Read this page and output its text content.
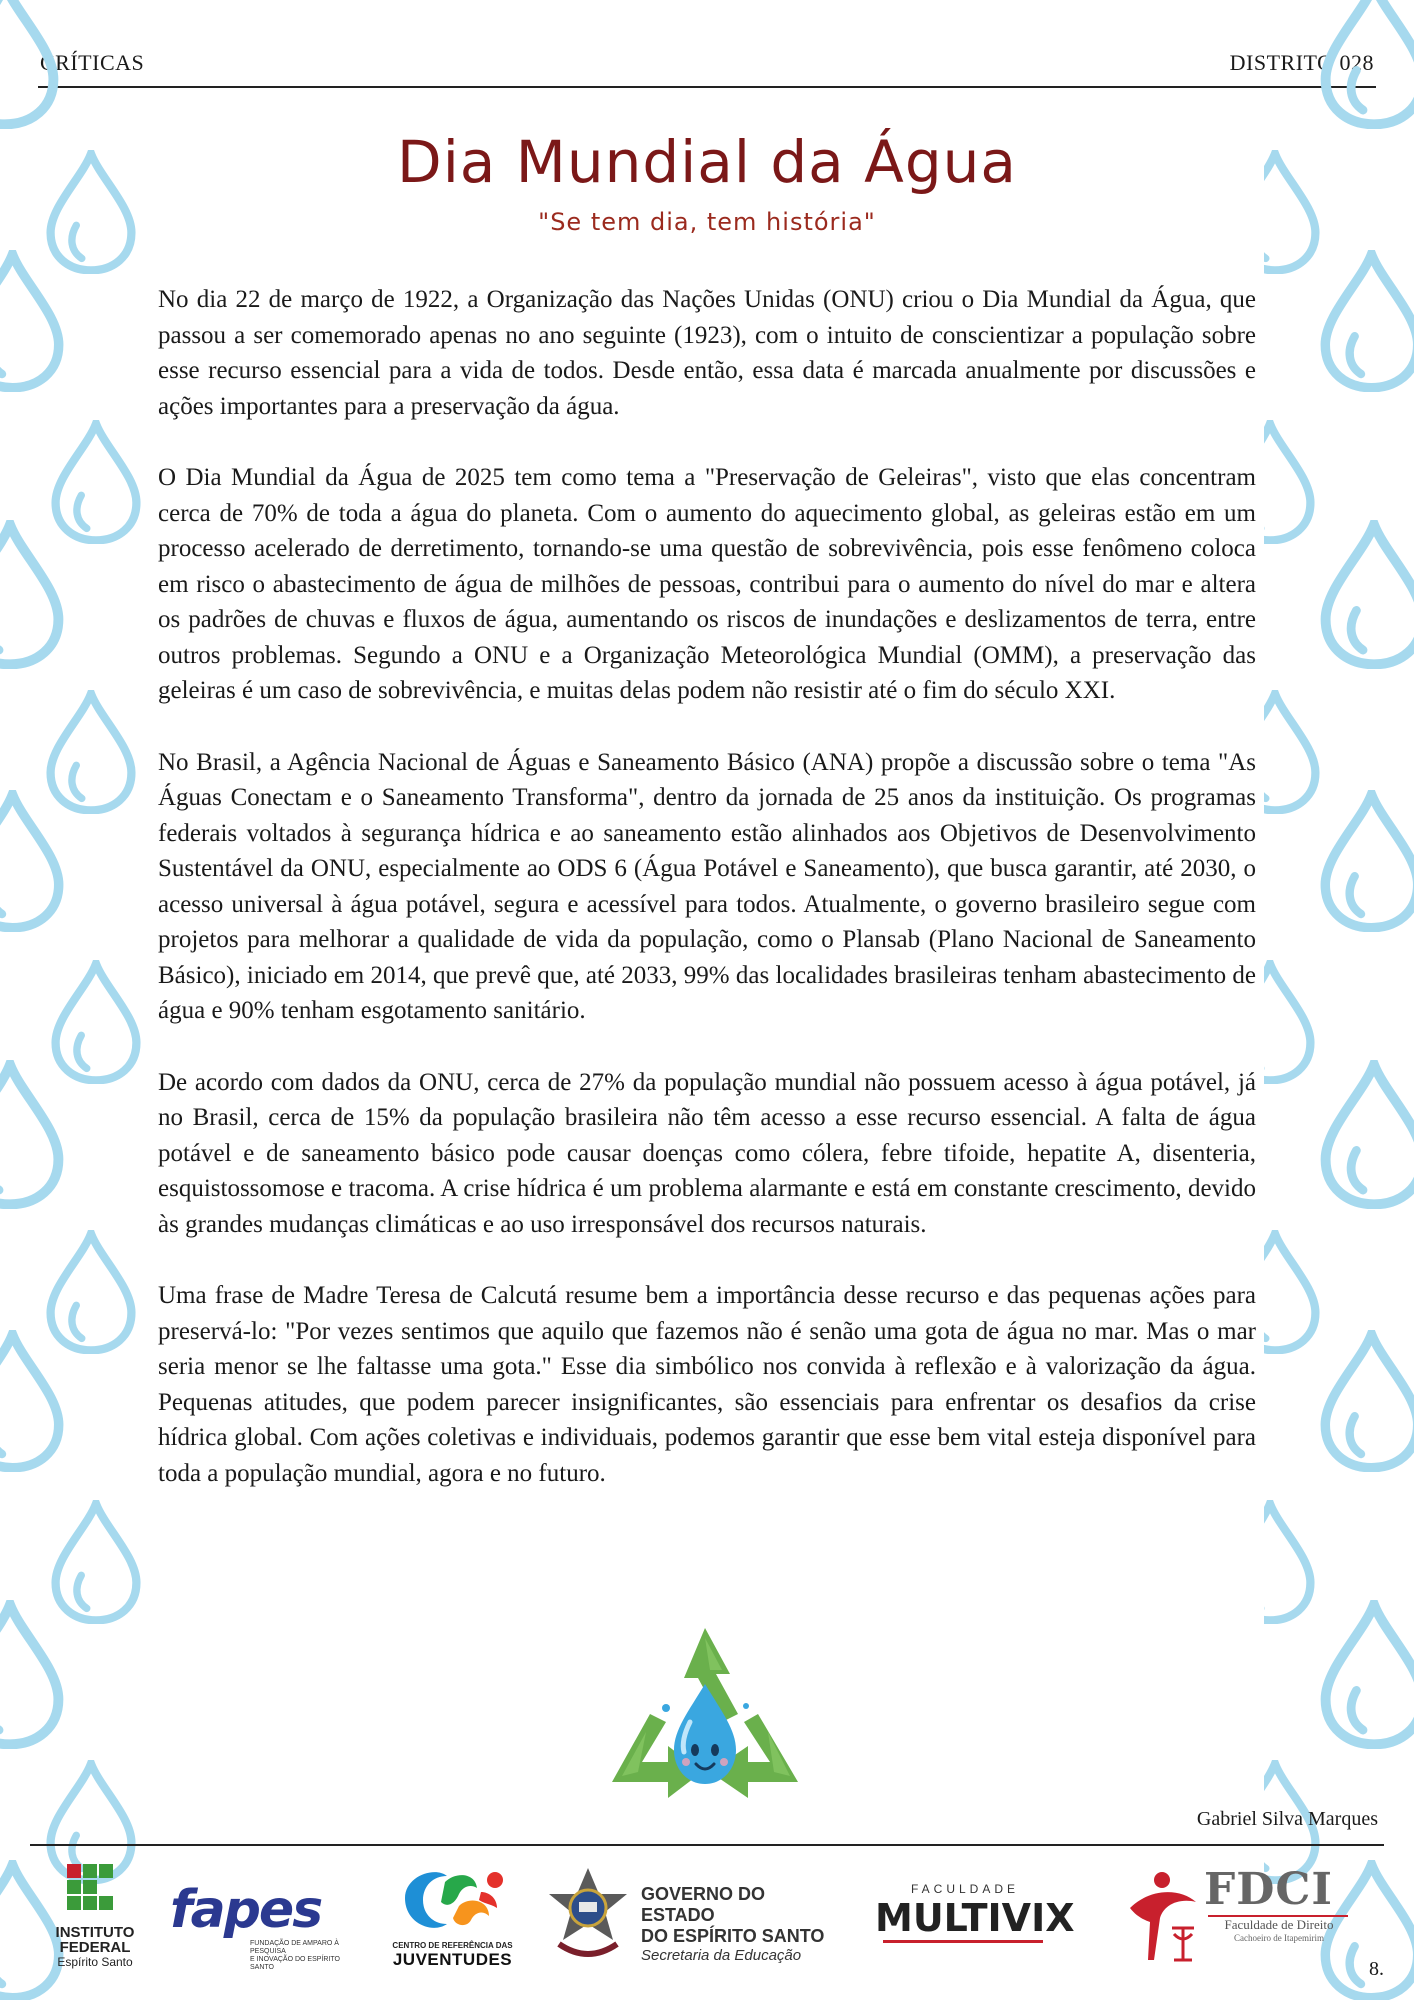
CRÍTICAS	DISTRITO 028
Dia Mundial da Água
"Se tem dia, tem história"

No dia 22 de março de 1922, a Organização das Nações Unidas (ONU) criou o Dia Mundial da Água, que passou a ser comemorado apenas no ano seguinte (1923), com o intuito de conscientizar a população sobre esse recurso essencial para a vida de todos. Desde então, essa data é marcada anualmente por discussões e ações importantes para a preservação da água.

O Dia Mundial da Água de 2025 tem como tema a "Preservação de Geleiras", visto que elas concentram cerca de 70% de toda a água do planeta. Com o aumento do aquecimento global, as geleiras estão em um processo acelerado de derretimento, tornando-se uma questão de sobrevivência, pois esse fenômeno coloca em risco o abastecimento de água de milhões de pessoas, contribui para o aumento do nível do mar e altera os padrões de chuvas e fluxos de água, aumentando os riscos de inundações e deslizamentos de terra, entre outros problemas. Segundo a ONU e a Organização Meteorológica Mundial (OMM), a preservação das geleiras é um caso de sobrevivência, e muitas delas podem não resistir até o fim do século XXI.

No Brasil, a Agência Nacional de Águas e Saneamento Básico (ANA) propõe a discussão sobre o tema "As Águas Conectam e o Saneamento Transforma", dentro da jornada de 25 anos da instituição. Os programas federais voltados à segurança hídrica e ao saneamento estão alinhados aos Objetivos de Desenvolvimento Sustentável da ONU, especialmente ao ODS 6 (Água Potável e Saneamento), que busca garantir, até 2030, o acesso universal à água potável, segura e acessível para todos. Atualmente, o governo brasileiro segue com projetos para melhorar a qualidade de vida da população, como o Plansab (Plano Nacional de Saneamento Básico), iniciado em 2014, que prevê que, até 2033, 99% das localidades brasileiras tenham abastecimento de água e 90% tenham esgotamento sanitário.

De acordo com dados da ONU, cerca de 27% da população mundial não possuem acesso à água potável, já no Brasil, cerca de 15% da população brasileira não têm acesso a esse recurso essencial. A falta de água potável e de saneamento básico pode causar doenças como cólera, febre tifoide, hepatite A, disenteria, esquistossomose e tracoma. A crise hídrica é um problema alarmante e está em constante crescimento, devido às grandes mudanças climáticas e ao uso irresponsável dos recursos naturais.

Uma frase de Madre Teresa de Calcutá resume bem a importância desse recurso e das pequenas ações para preservá-lo: "Por vezes sentimos que aquilo que fazemos não é senão uma gota de água no mar. Mas o mar seria menor se lhe faltasse uma gota." Esse dia simbólico nos convida à reflexão e à valorização da água. Pequenas atitudes, que podem parecer insignificantes, são essenciais para enfrentar os desafios da crise hídrica global. Com ações coletivas e individuais, podemos garantir que esse bem vital esteja disponível para toda a população mundial, agora e no futuro.

Gabriel Silva Marques
INSTITUTO
FEDERAL
Espírito Santo
fapes
FUNDAÇÃO DE AMPARO À PESQUISA
E INOVAÇÃO DO ESPÍRITO SANTO
CENTRO DE REFERÊNCIA DAS
JUVENTUDES
GOVERNO DO ESTADO
DO ESPÍRITO SANTO
Secretaria da Educação
FACULDADE
MULTIVIX
FDCI
Faculdade de Direito
Cachoeiro de Itapemirim
8.
